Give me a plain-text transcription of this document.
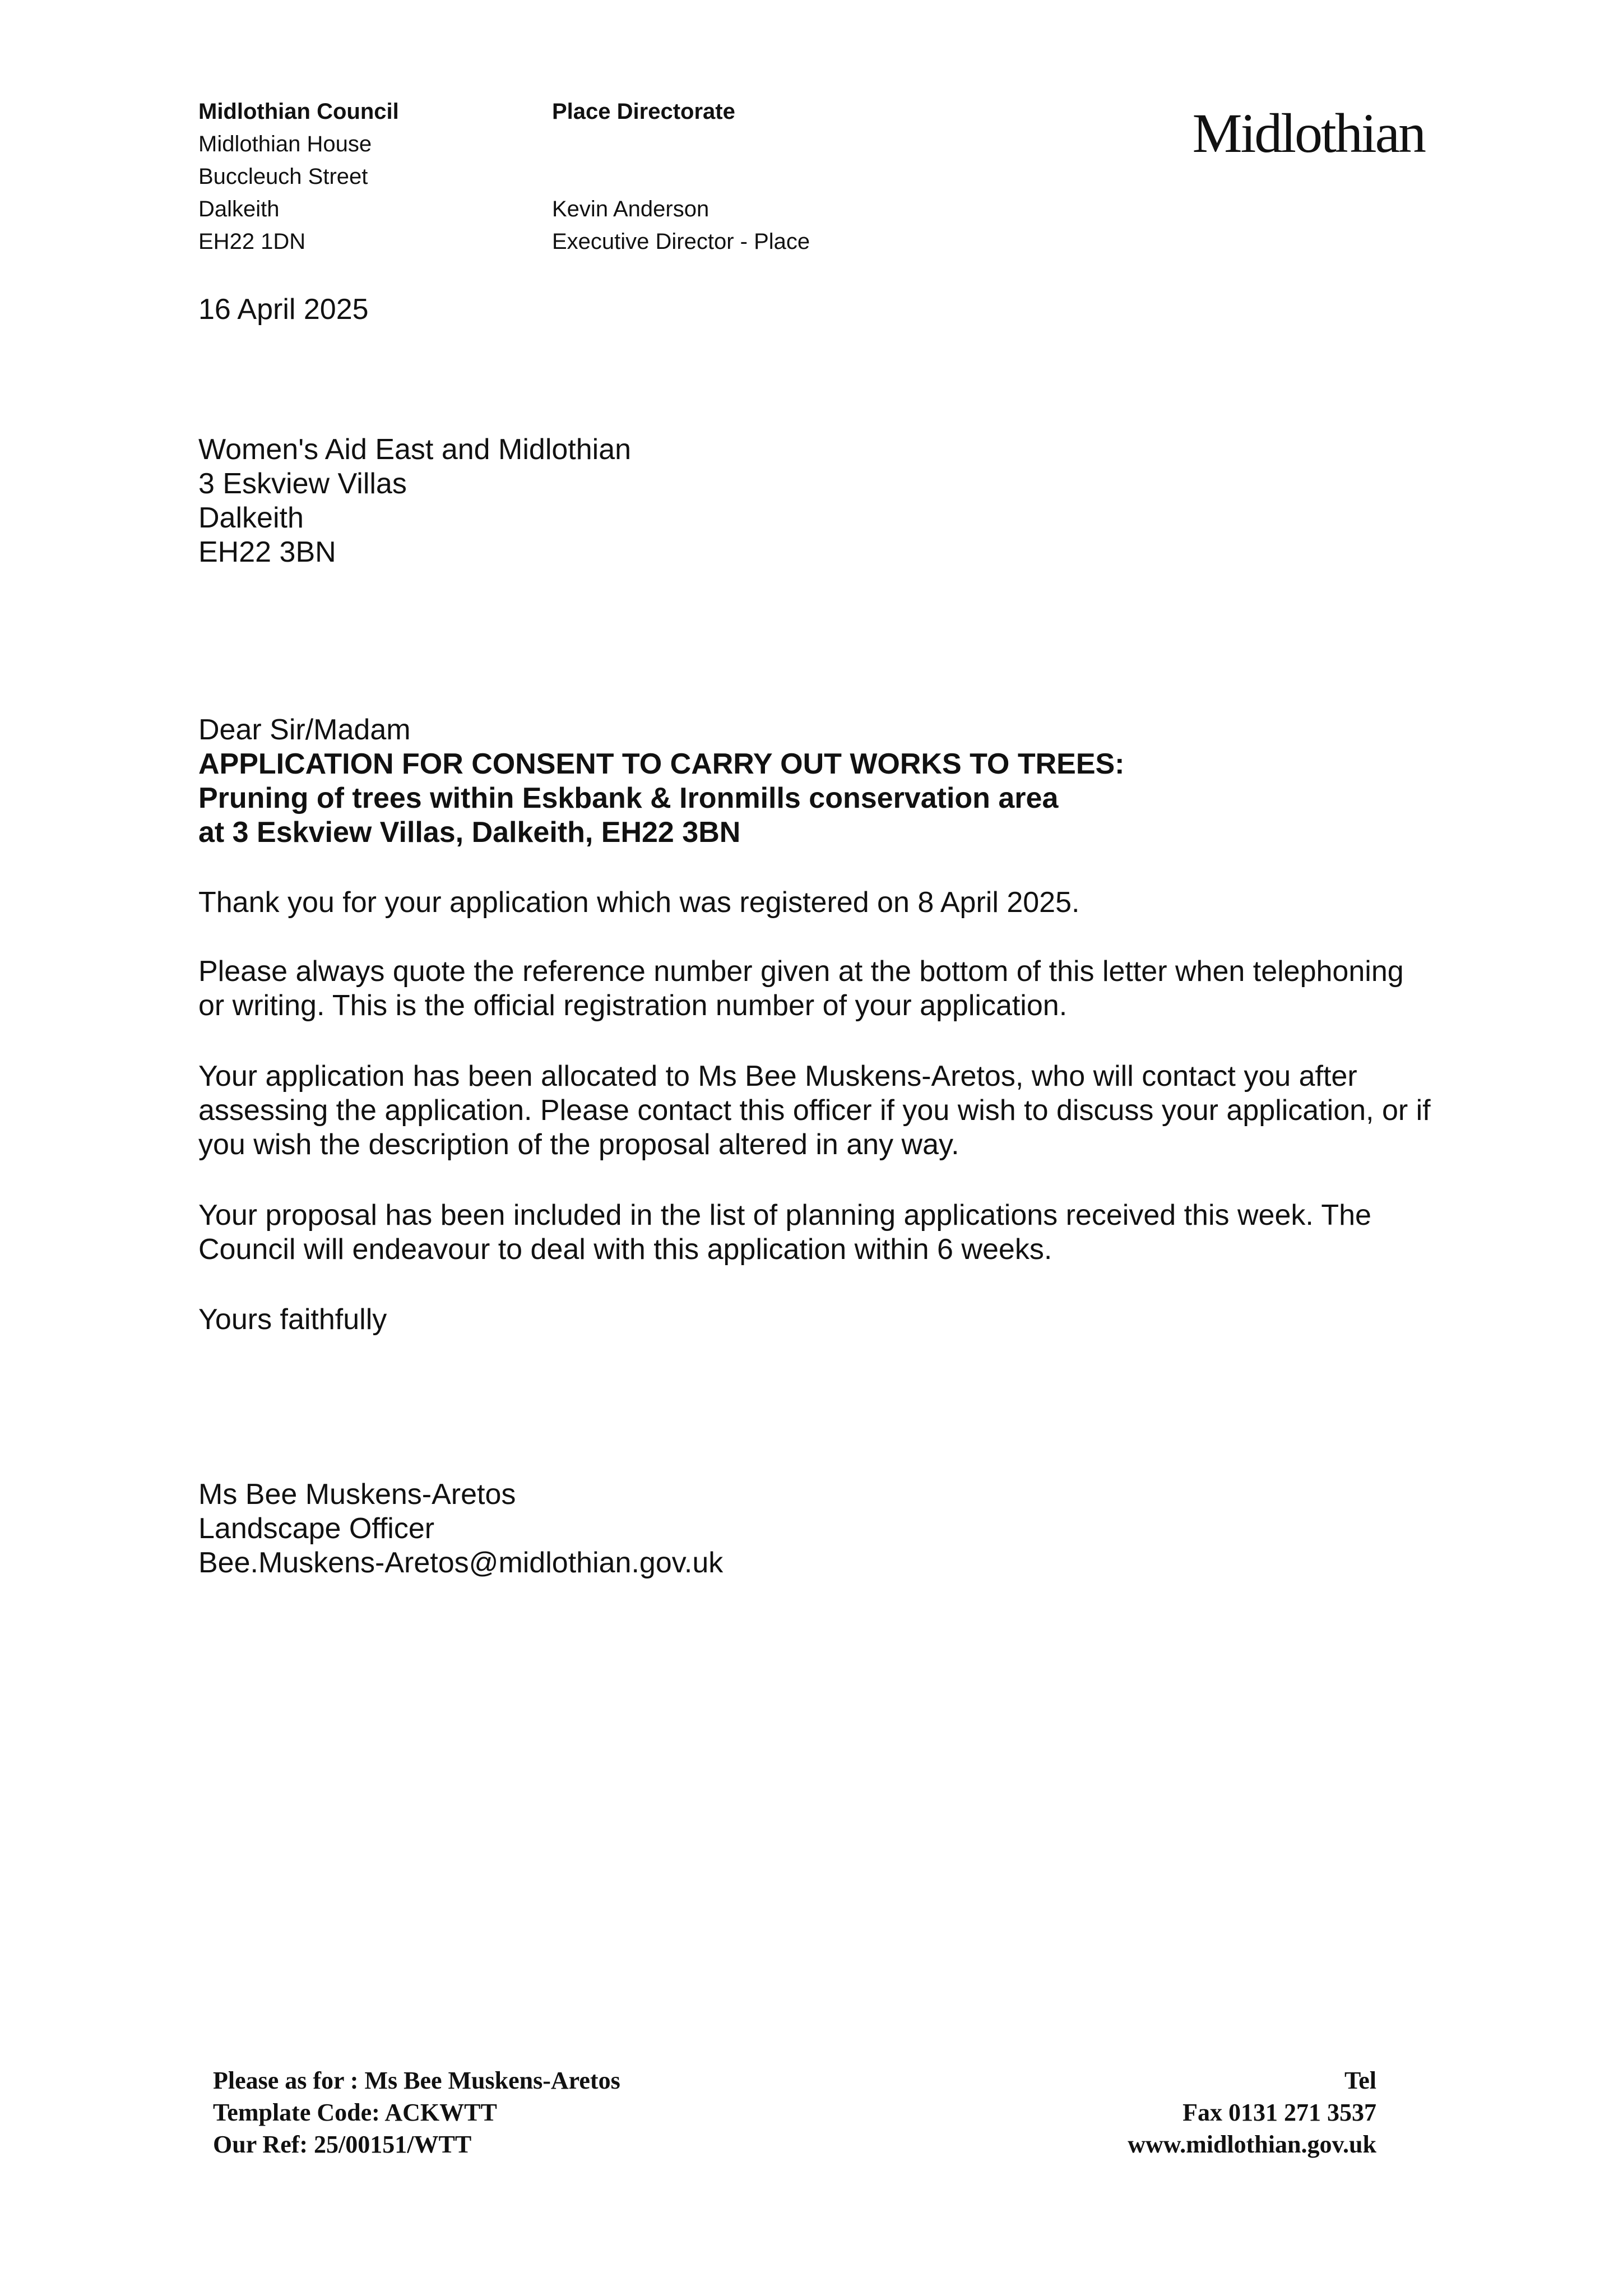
Midlothian Council
Midlothian House
Buccleuch Street
Dalkeith
EH22 1DN
Place Directorate
Kevin Anderson
Executive Director - Place
Midlothian
16 April 2025
Women's Aid East and Midlothian
3 Eskview Villas
Dalkeith
EH22 3BN
Dear Sir/Madam
APPLICATION FOR CONSENT TO CARRY OUT WORKS TO TREES:
Pruning of trees within Eskbank & Ironmills conservation area
at 3 Eskview Villas, Dalkeith, EH22 3BN
Thank you for your application which was registered on 8 April 2025.
Please always quote the reference number given at the bottom of this letter when telephoning or writing. This is the official registration number of your application.
Your application has been allocated to Ms Bee Muskens-Aretos, who will contact you after assessing the application. Please contact this officer if you wish to discuss your application, or if you wish the description of the proposal altered in any way.
Your proposal has been included in the list of planning applications received this week. The Council will endeavour to deal with this application within 6 weeks.
Yours faithfully
Ms Bee Muskens-Aretos
Landscape Officer
Bee.Muskens-Aretos@midlothian.gov.uk
Please as for : Ms Bee Muskens-Aretos
Template Code: ACKWTT
Our Ref: 25/00151/WTT
Tel
Fax 0131 271 3537
www.midlothian.gov.uk
